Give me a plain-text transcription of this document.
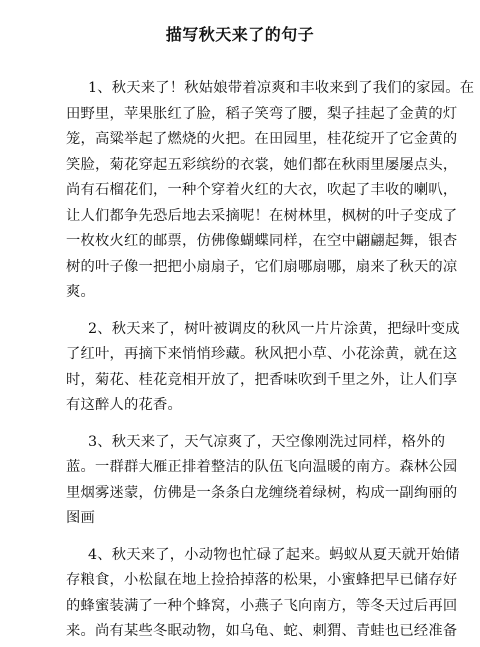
描写秋天来了的句子
1、秋天来了！秋姑娘带着凉爽和丰收来到了我们的家园。在
田野里，苹果胀红了脸，稻子笑弯了腰，梨子挂起了金黄的灯
笼，高粱举起了燃烧的火把。在田园里，桂花绽开了它金黄的
笑脸，菊花穿起五彩缤纷的衣裳，她们都在秋雨里屡屡点头，
尚有石榴花们，一种个穿着火红的大衣，吹起了丰收的喇叭，
让人们都争先恐后地去采摘呢！在树林里，枫树的叶子变成了
一枚枚火红的邮票，仿佛像蝴蝶同样，在空中翩翩起舞，银杏
树的叶子像一把把小扇扇子，它们扇哪扇哪，扇来了秋天的凉
爽。
2、秋天来了，树叶被调皮的秋风一片片涂黄，把绿叶变成
了红叶，再摘下来悄悄珍藏。秋风把小草、小花涂黄，就在这
时，菊花、桂花竞相开放了，把香味吹到千里之外，让人们享
有这醉人的花香。
3、秋天来了，天气凉爽了，天空像刚洗过同样，格外的
蓝。一群群大雁正排着整洁的队伍飞向温暖的南方。森林公园
里烟雾迷蒙，仿佛是一条条白龙缠绕着绿树，构成一副绚丽的
图画
4、秋天来了，小动物也忙碌了起来。蚂蚁从夏天就开始储
存粮食，小松鼠在地上捡拾掉落的松果，小蜜蜂把早已储存好
的蜂蜜装满了一种个蜂窝，小燕子飞向南方，等冬天过后再回
来。尚有某些冬眠动物，如乌龟、蛇、刺猬、青蛙也已经准备
